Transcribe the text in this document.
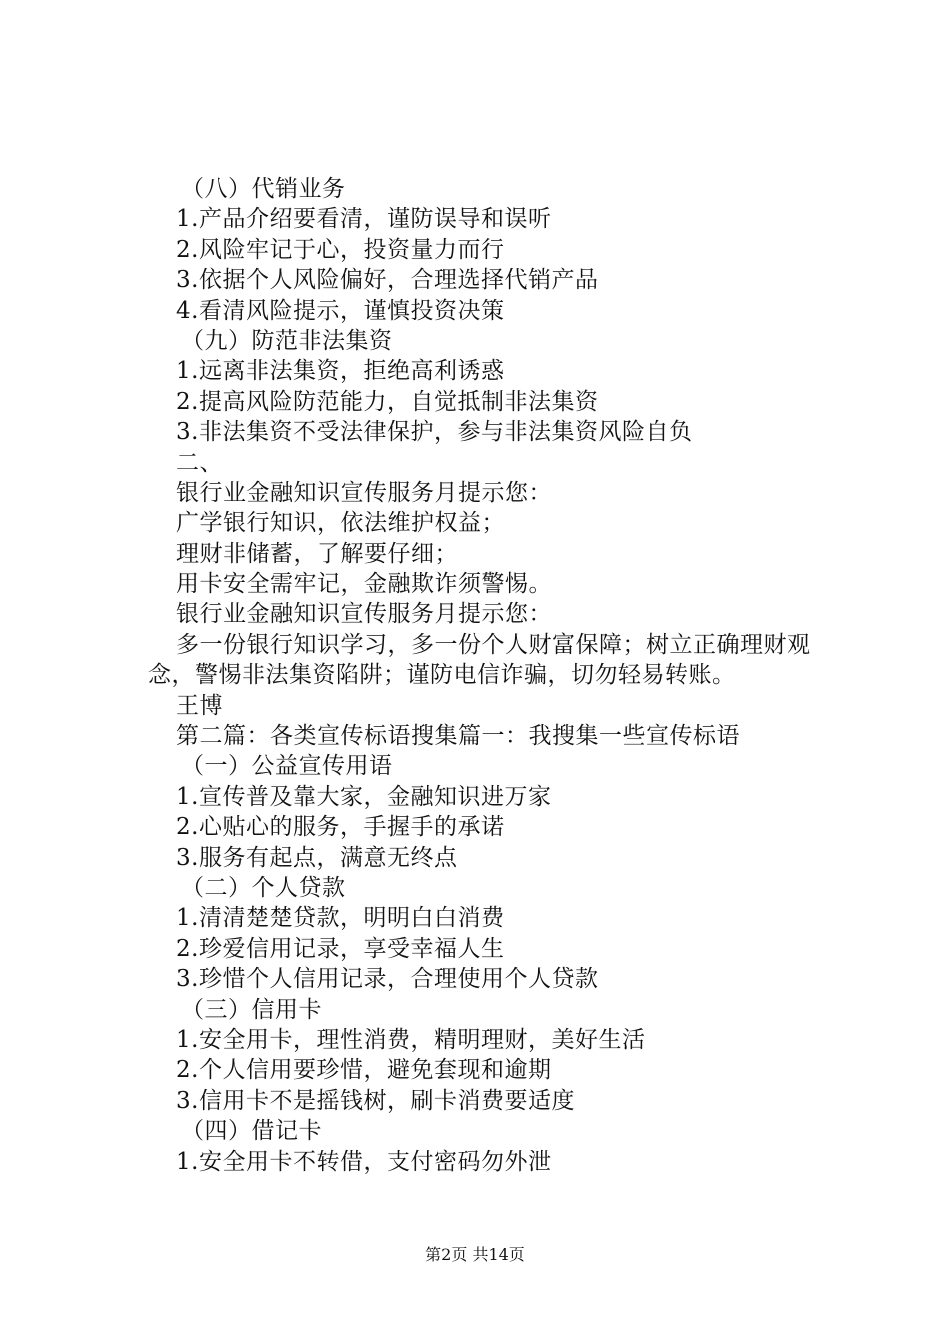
（八）代销业务
1.产品介绍要看清，谨防误导和误听
2.风险牢记于心，投资量力而行
3.依据个人风险偏好，合理选择代销产品
4.看清风险提示，谨慎投资决策
（九）防范非法集资
1.远离非法集资，拒绝高利诱惑
2.提高风险防范能力，自觉抵制非法集资
3.非法集资不受法律保护，参与非法集资风险自负
二、
银行业金融知识宣传服务月提示您：
广学银行知识，依法维护权益；
理财非储蓄，了解要仔细；
用卡安全需牢记，金融欺诈须警惕。
银行业金融知识宣传服务月提示您：
多一份银行知识学习，多一份个人财富保障；树立正确理财观念，警惕非法集资陷阱；谨防电信诈骗，切勿轻易转账。
王博
第二篇：各类宣传标语搜集篇一：我搜集一些宣传标语
（一）公益宣传用语
1.宣传普及靠大家，金融知识进万家
2.心贴心的服务，手握手的承诺
3.服务有起点，满意无终点
（二）个人贷款
1.清清楚楚贷款，明明白白消费
2.珍爱信用记录，享受幸福人生
3.珍惜个人信用记录，合理使用个人贷款
（三）信用卡
1.安全用卡，理性消费，精明理财，美好生活
2.个人信用要珍惜，避免套现和逾期
3.信用卡不是摇钱树，刷卡消费要适度
（四）借记卡
1.安全用卡不转借，支付密码勿外泄
第2页 共14页
